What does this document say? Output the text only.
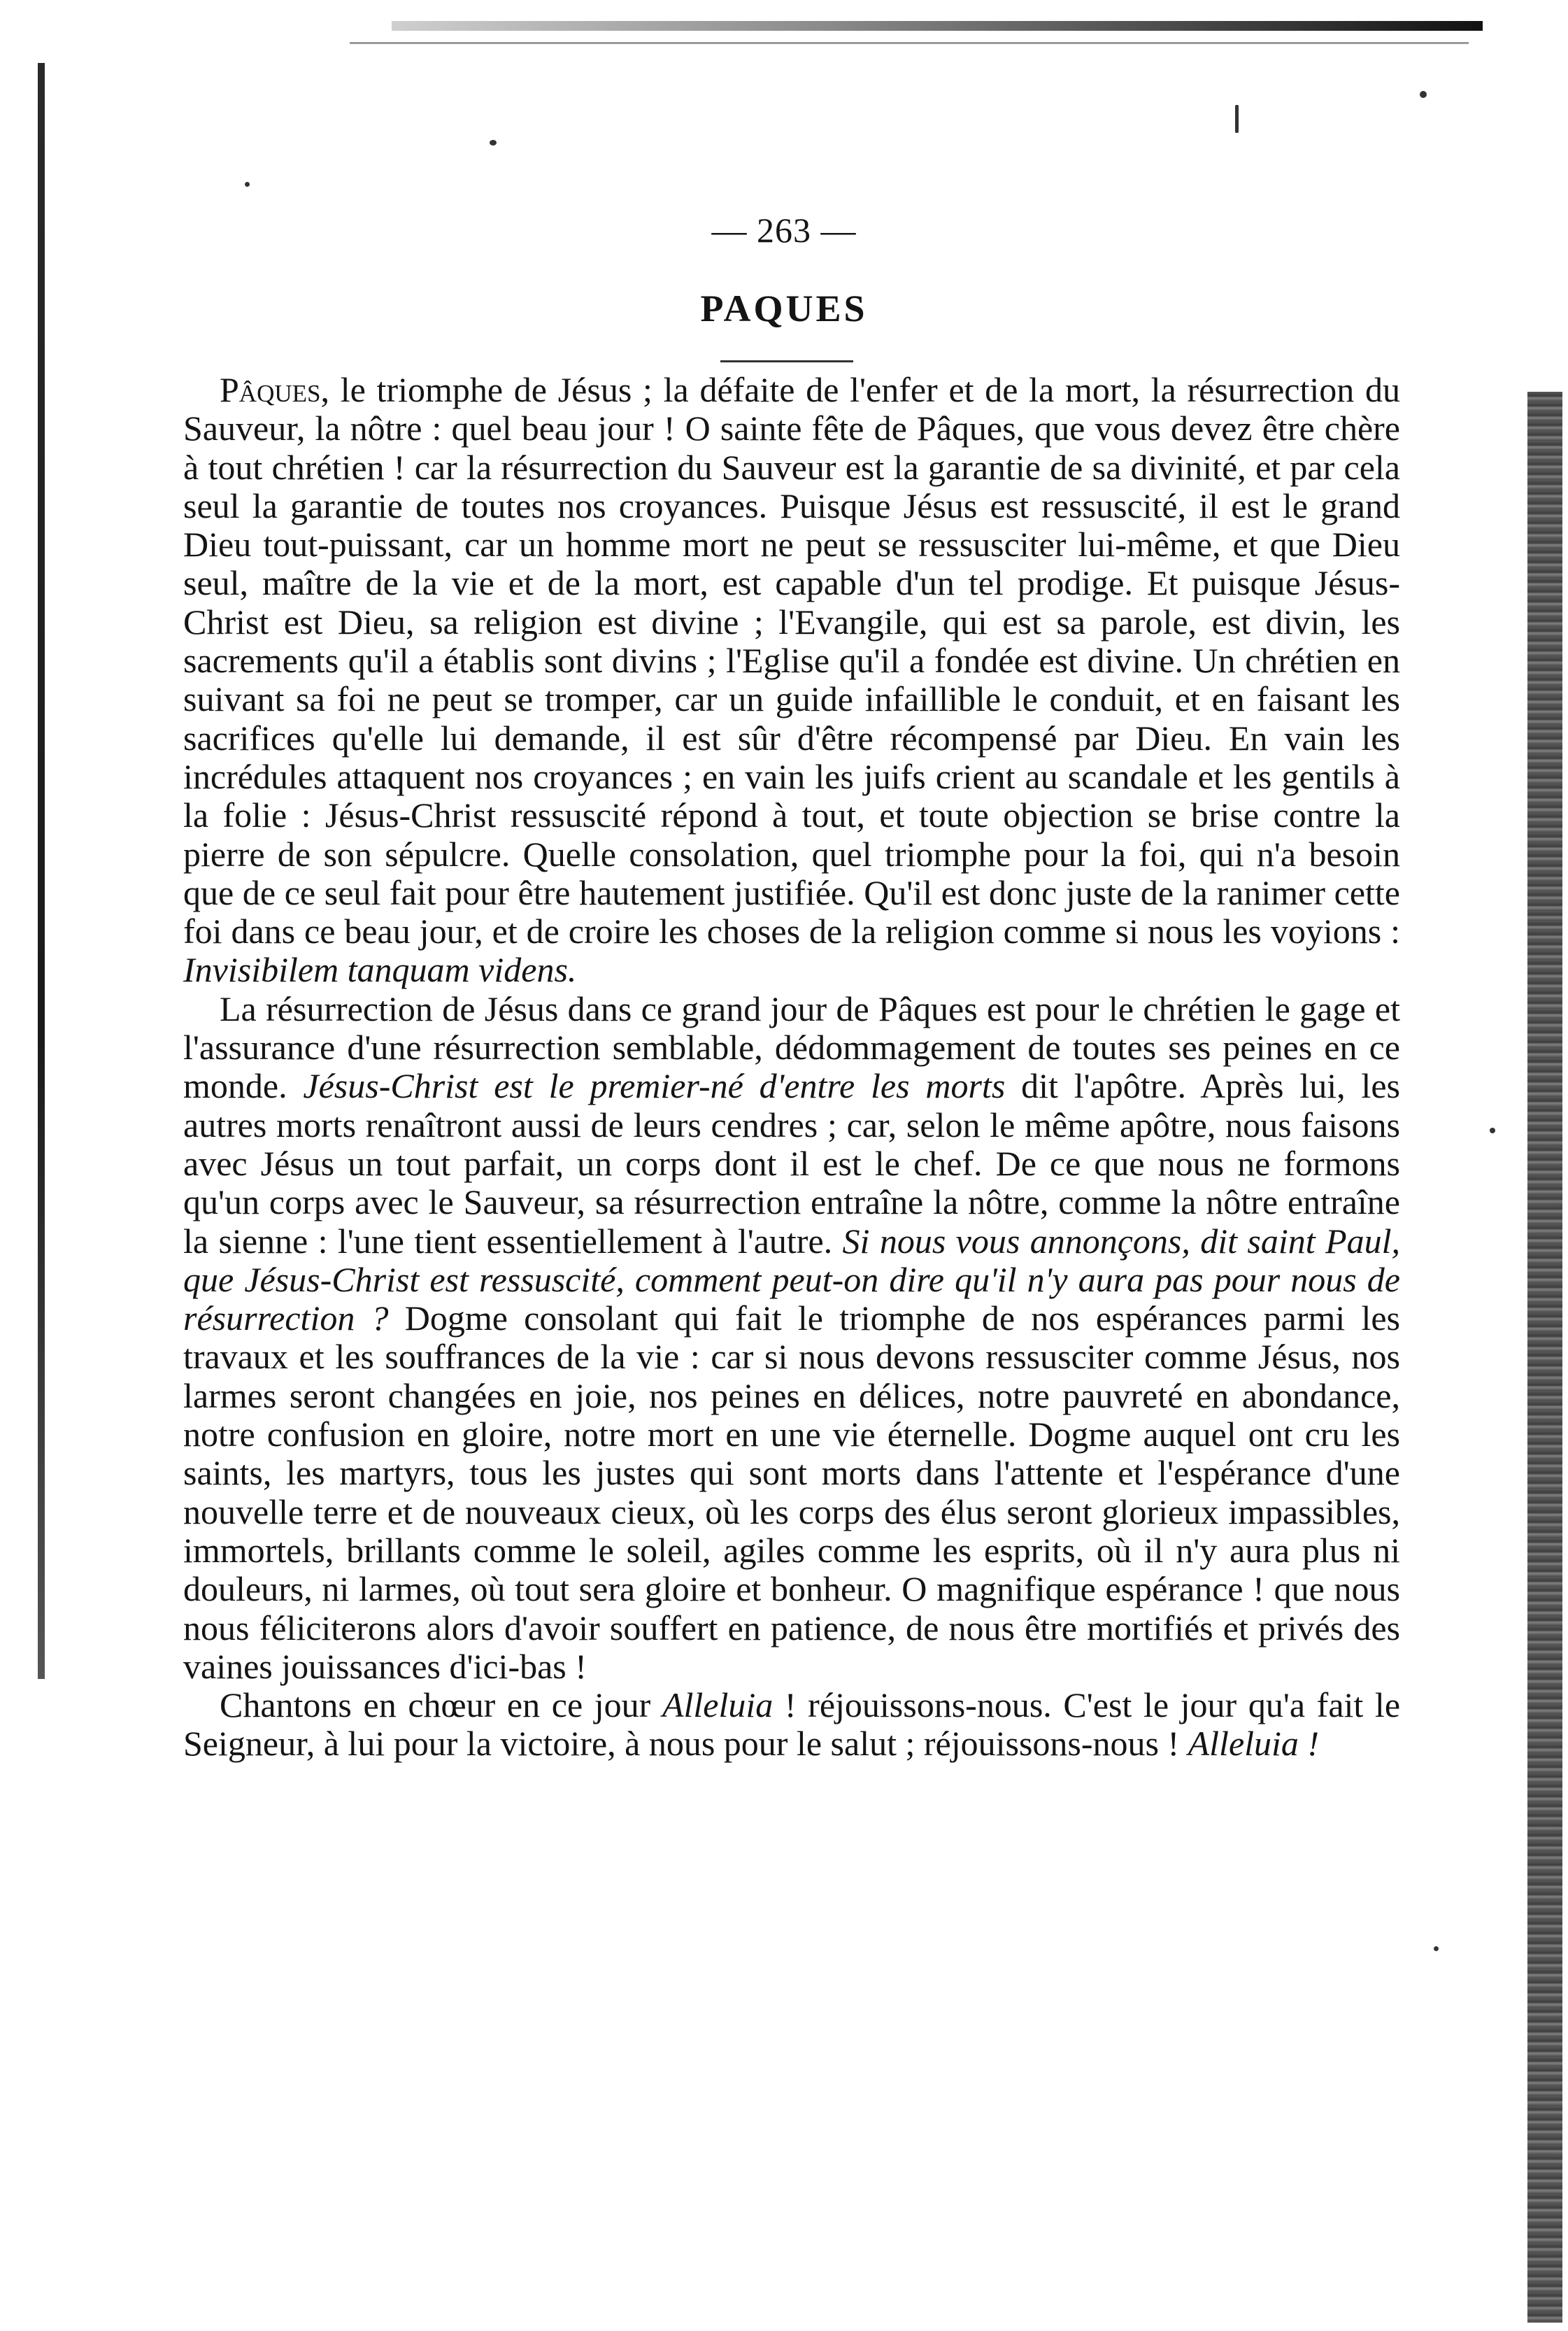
— 263 —
PAQUES

Pâques, le triomphe de Jésus ; la défaite de l'enfer et de la mort, la résurrection du Sauveur, la nôtre : quel beau jour ! O sainte fête de Pâques, que vous devez être chère à tout chrétien ! car la résurrection du Sauveur est la garantie de sa divinité, et par cela seul la garantie de toutes nos croyances. Puisque Jésus est ressuscité, il est le grand Dieu tout-puissant, car un homme mort ne peut se ressusciter lui-même, et que Dieu seul, maître de la vie et de la mort, est capable d'un tel prodige. Et puisque Jésus-Christ est Dieu, sa religion est divine ; l'Evangile, qui est sa parole, est divin, les sacrements qu'il a établis sont divins ; l'Eglise qu'il a fondée est divine. Un chrétien en suivant sa foi ne peut se tromper, car un guide infaillible le conduit, et en faisant les sacrifices qu'elle lui demande, il est sûr d'être récompensé par Dieu. En vain les incrédules attaquent nos croyances ; en vain les juifs crient au scandale et les gentils à la folie : Jésus-Christ ressuscité répond à tout, et toute objection se brise contre la pierre de son sépulcre. Quelle consolation, quel triomphe pour la foi, qui n'a besoin que de ce seul fait pour être hautement justifiée. Qu'il est donc juste de la ranimer cette foi dans ce beau jour, et de croire les choses de la religion comme si nous les voyions : Invisibilem tanquam videns.

La résurrection de Jésus dans ce grand jour de Pâques est pour le chrétien le gage et l'assurance d'une résurrection semblable, dédommagement de toutes ses peines en ce monde. Jésus-Christ est le premier-né d'entre les morts dit l'apôtre. Après lui, les autres morts renaîtront aussi de leurs cendres ; car, selon le même apôtre, nous faisons avec Jésus un tout parfait, un corps dont il est le chef. De ce que nous ne formons qu'un corps avec le Sauveur, sa résurrection entraîne la nôtre, comme la nôtre entraîne la sienne : l'une tient essentiellement à l'autre. Si nous vous annonçons, dit saint Paul, que Jésus-Christ est ressuscité, comment peut-on dire qu'il n'y aura pas pour nous de résurrection ? Dogme consolant qui fait le triomphe de nos espérances parmi les travaux et les souffrances de la vie : car si nous devons ressusciter comme Jésus, nos larmes seront changées en joie, nos peines en délices, notre pauvreté en abondance, notre confusion en gloire, notre mort en une vie éternelle. Dogme auquel ont cru les saints, les martyrs, tous les justes qui sont morts dans l'attente et l'espérance d'une nouvelle terre et de nouveaux cieux, où les corps des élus seront glorieux impassibles, immortels, brillants comme le soleil, agiles comme les esprits, où il n'y aura plus ni douleurs, ni larmes, où tout sera gloire et bonheur. O magnifique espérance ! que nous nous féliciterons alors d'avoir souffert en patience, de nous être mortifiés et privés des vaines jouissances d'ici-bas !

Chantons en chœur en ce jour Alleluia ! réjouissons-nous. C'est le jour qu'a fait le Seigneur, à lui pour la victoire, à nous pour le salut ; réjouissons-nous ! Alleluia !
